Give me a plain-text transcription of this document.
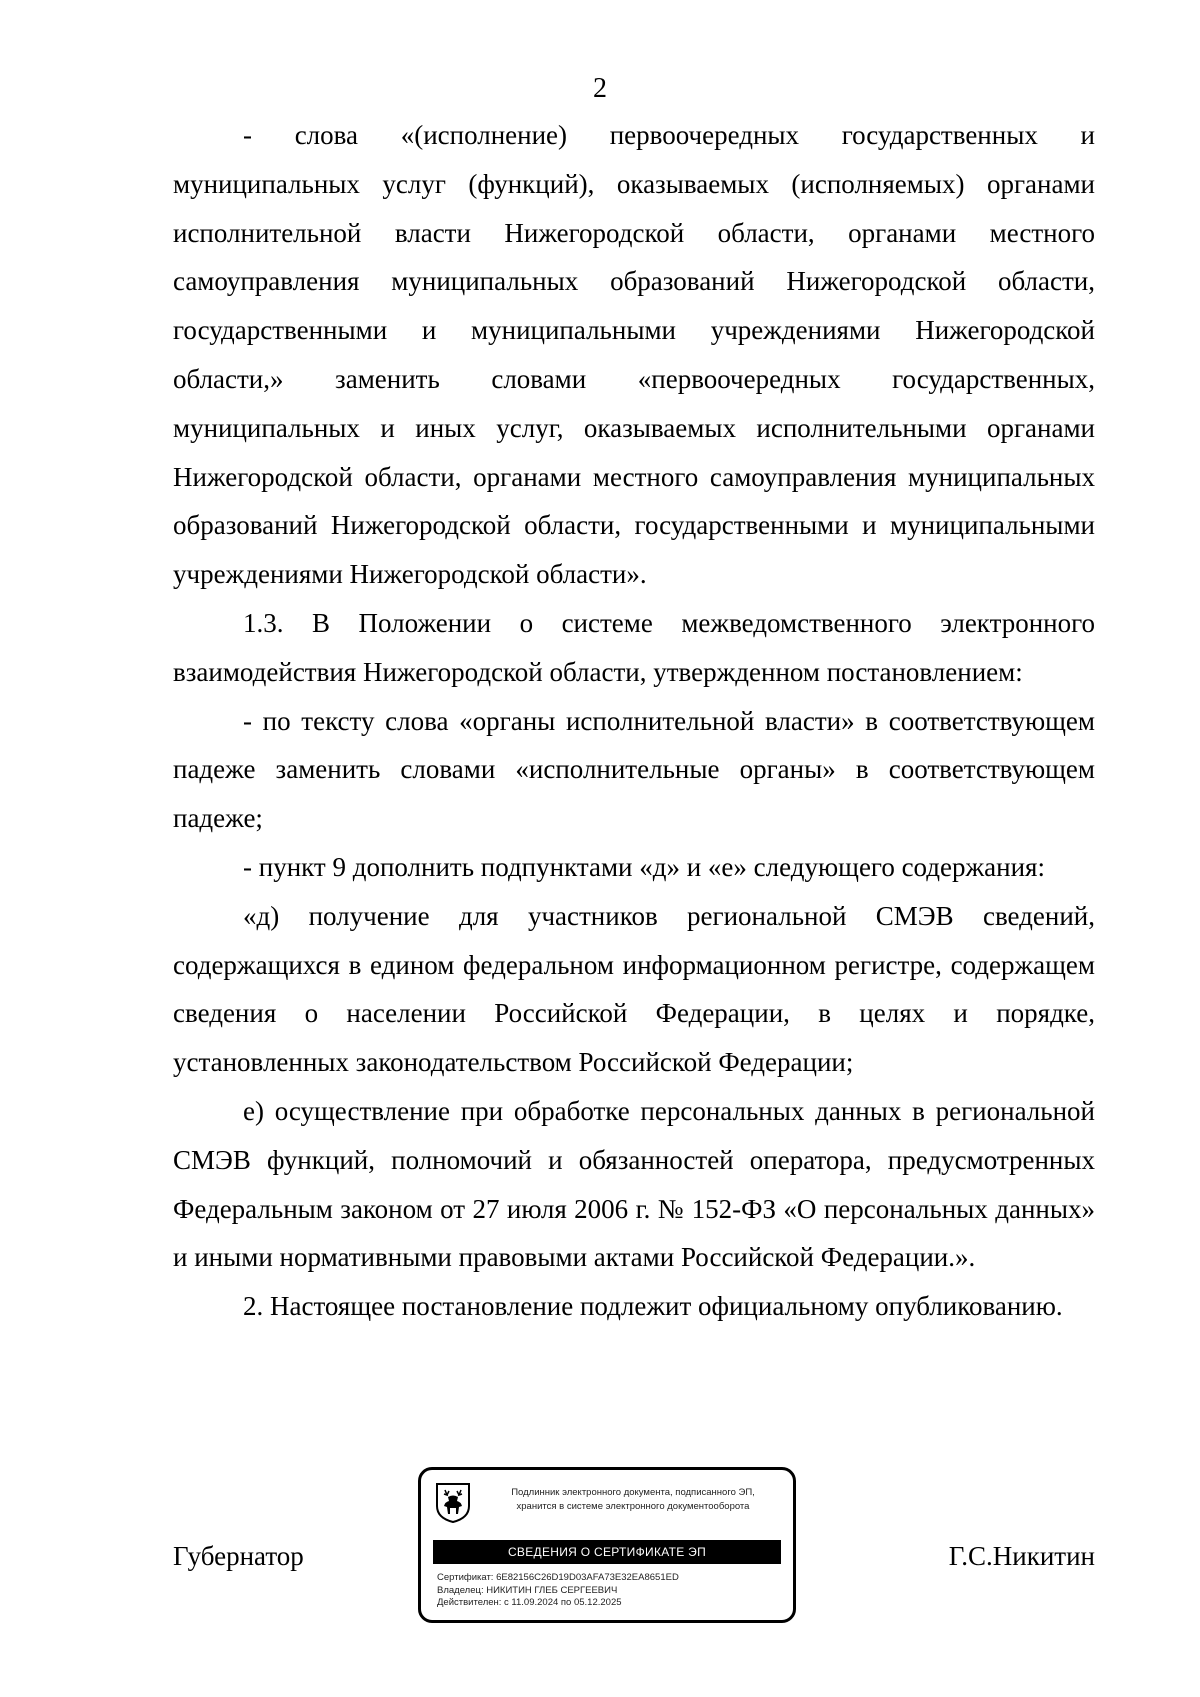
2

- слова «(исполнение) первоочередных государственных и муниципальных услуг (функций), оказываемых (исполняемых) органами исполнительной власти Нижегородской области, органами местного самоуправления муниципальных образований Нижегородской области, государственными и муниципальными учреждениями Нижегородской области,» заменить словами «первоочередных государственных, муниципальных и иных услуг, оказываемых исполнительными органами Нижегородской области, органами местного самоуправления муниципальных образований Нижегородской области, государственными и муниципальными учреждениями Нижегородской области».

1.3. В Положении о системе межведомственного электронного взаимодействия Нижегородской области, утвержденном постановлением:

- по тексту слова «органы исполнительной власти» в соответствующем падеже заменить словами «исполнительные органы» в соответствующем падеже;

- пункт 9 дополнить подпунктами «д» и «е» следующего содержания:

«д) получение для участников региональной СМЭВ сведений, содержащихся в едином федеральном информационном регистре, содержащем сведения о населении Российской Федерации, в целях и порядке, установленных законодательством Российской Федерации;

е) осуществление при обработке персональных данных в региональной СМЭВ функций, полномочий и обязанностей оператора, предусмотренных Федеральным законом от 27 июля 2006 г. № 152-ФЗ «О персональных данных» и иными нормативными правовыми актами Российской Федерации.».

2. Настоящее постановление подлежит официальному опубликованию.

Губернатор	Г.С.Никитин
Подлинник электронного документа, подписанного ЭП,
хранится в системе электронного документооборота
СВЕДЕНИЯ О СЕРТИФИКАТЕ ЭП
Сертификат: 6E82156C26D19D03AFA73E32EA8651ED
Владелец: НИКИТИН ГЛЕБ СЕРГЕЕВИЧ
Действителен: с 11.09.2024 по 05.12.2025
